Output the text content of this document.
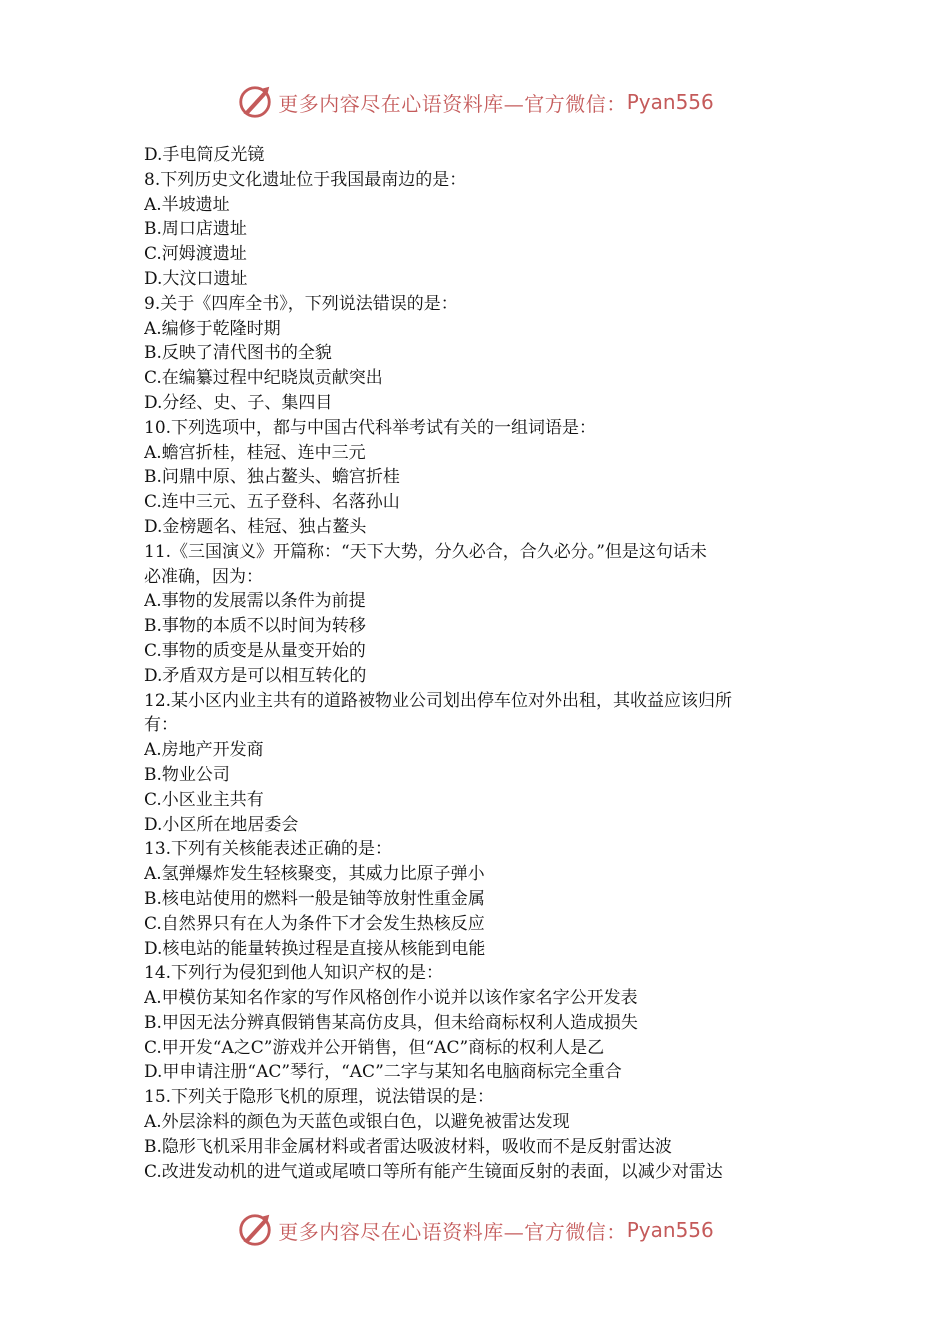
更多内容尽在心语资料库—官方微信： Pyan556
D.手电筒反光镜
8.下列历史文化遗址位于我国最南边的是：
A.半坡遗址
B.周口店遗址
C.河姆渡遗址
D.大汶口遗址
9.关于《四库全书》，下列说法错误的是：
A.编修于乾隆时期
B.反映了清代图书的全貌
C.在编纂过程中纪晓岚贡献突出
D.分经、史、子、集四目
10.下列选项中，都与中国古代科举考试有关的一组词语是：
A.蟾宫折桂，桂冠、连中三元
B.问鼎中原、独占鳌头、蟾宫折桂
C.连中三元、五子登科、名落孙山
D.金榜题名、桂冠、独占鳌头
11.《三国演义》开篇称：“天下大势，分久必合，合久必分。”但是这句话未
必准确，因为：
A.事物的发展需以条件为前提
B.事物的本质不以时间为转移
C.事物的质变是从量变开始的
D.矛盾双方是可以相互转化的
12.某小区内业主共有的道路被物业公司划出停车位对外出租，其收益应该归所
有：
A.房地产开发商
B.物业公司
C.小区业主共有
D.小区所在地居委会
13.下列有关核能表述正确的是：
A.氢弹爆炸发生轻核聚变，其威力比原子弹小
B.核电站使用的燃料一般是铀等放射性重金属
C.自然界只有在人为条件下才会发生热核反应
D.核电站的能量转换过程是直接从核能到电能
14.下列行为侵犯到他人知识产权的是：
A.甲模仿某知名作家的写作风格创作小说并以该作家名字公开发表
B.甲因无法分辨真假销售某高仿皮具，但未给商标权利人造成损失
C.甲开发“A之C”游戏并公开销售，但“AC”商标的权利人是乙
D.甲申请注册“AC”琴行，“AC”二字与某知名电脑商标完全重合
15.下列关于隐形飞机的原理，说法错误的是：
A.外层涂料的颜色为天蓝色或银白色，以避免被雷达发现
B.隐形飞机采用非金属材料或者雷达吸波材料，吸收而不是反射雷达波
C.改进发动机的进气道或尾喷口等所有能产生镜面反射的表面，以减少对雷达
更多内容尽在心语资料库—官方微信： Pyan556
